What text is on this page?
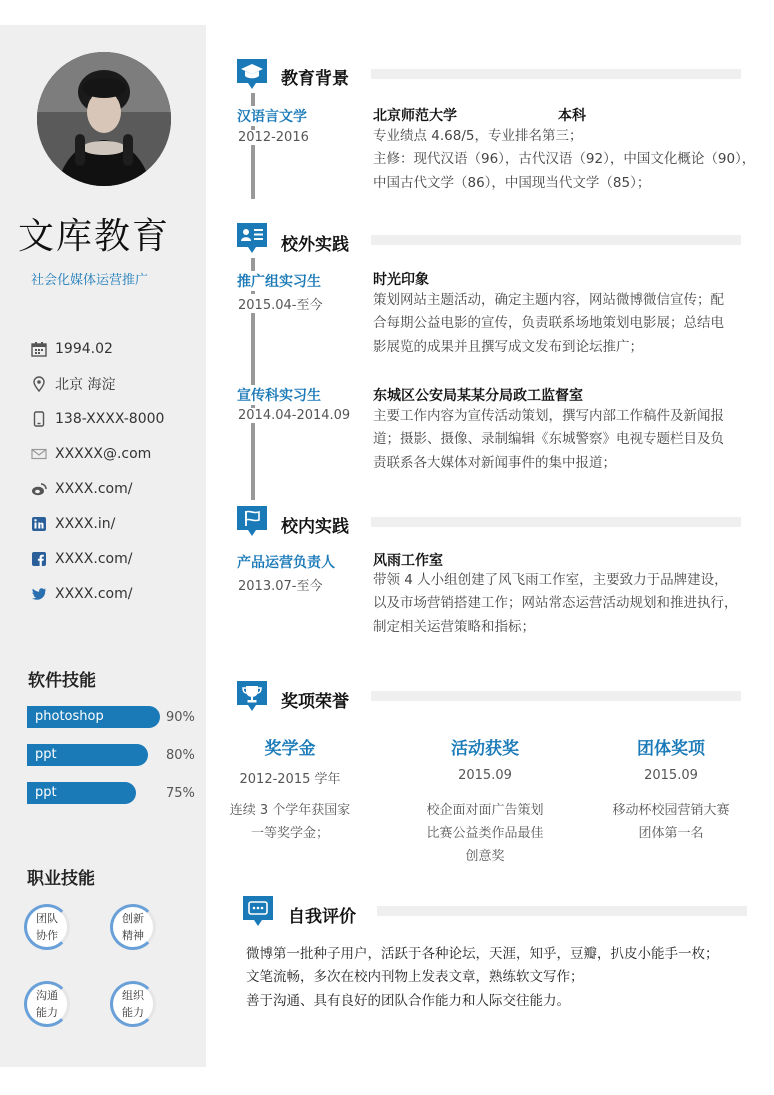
文库教育
社会化媒体运营推广
1994.02
北京 海淀
138-XXXX-8000
XXXXX@.com
XXXX.com/
XXXX.in/
XXXX.com/
XXXX.com/
软件技能
photoshop	90%
ppt	80%
ppt	75%
职业技能
团队
协作
创新
精神
沟通
能力
组织
能力
教育背景
汉语言文学
2012-2016
北京师范大学	本科
专业绩点 4.68/5，专业排名第三；
主修：现代汉语（96），古代汉语（92），中国文化概论（90），
中国古代文学（86），中国现当代文学（85）；
校外实践
推广组实习生
2015.04-至今
时光印象
策划网站主题活动，确定主题内容，网站微博微信宣传；配
合每期公益电影的宣传，负责联系场地策划电影展；总结电
影展览的成果并且撰写成文发布到论坛推广；
宣传科实习生
2014.04-2014.09
东城区公安局某某分局政工监督室
主要工作内容为宣传活动策划，撰写内部工作稿件及新闻报
道；摄影、摄像、录制编辑《东城警察》电视专题栏目及负
责联系各大媒体对新闻事件的集中报道；
校内实践
产品运营负责人
2013.07-至今
风雨工作室
带领 4 人小组创建了风飞雨工作室，主要致力于品牌建设，
以及市场营销搭建工作；网站常态运营活动规划和推进执行，
制定相关运营策略和指标；
奖项荣誉
奖学金
2012-2015 学年
连续 3 个学年获国家
一等奖学金；
活动获奖
2015.09
校企面对面广告策划
比赛公益类作品最佳
创意奖
团体奖项
2015.09
移动杯校园营销大赛
团体第一名
自我评价
微博第一批种子用户，活跃于各种论坛，天涯，知乎，豆瓣，扒皮小能手一枚；
文笔流畅，多次在校内刊物上发表文章，熟练软文写作；
善于沟通、具有良好的团队合作能力和人际交往能力。
